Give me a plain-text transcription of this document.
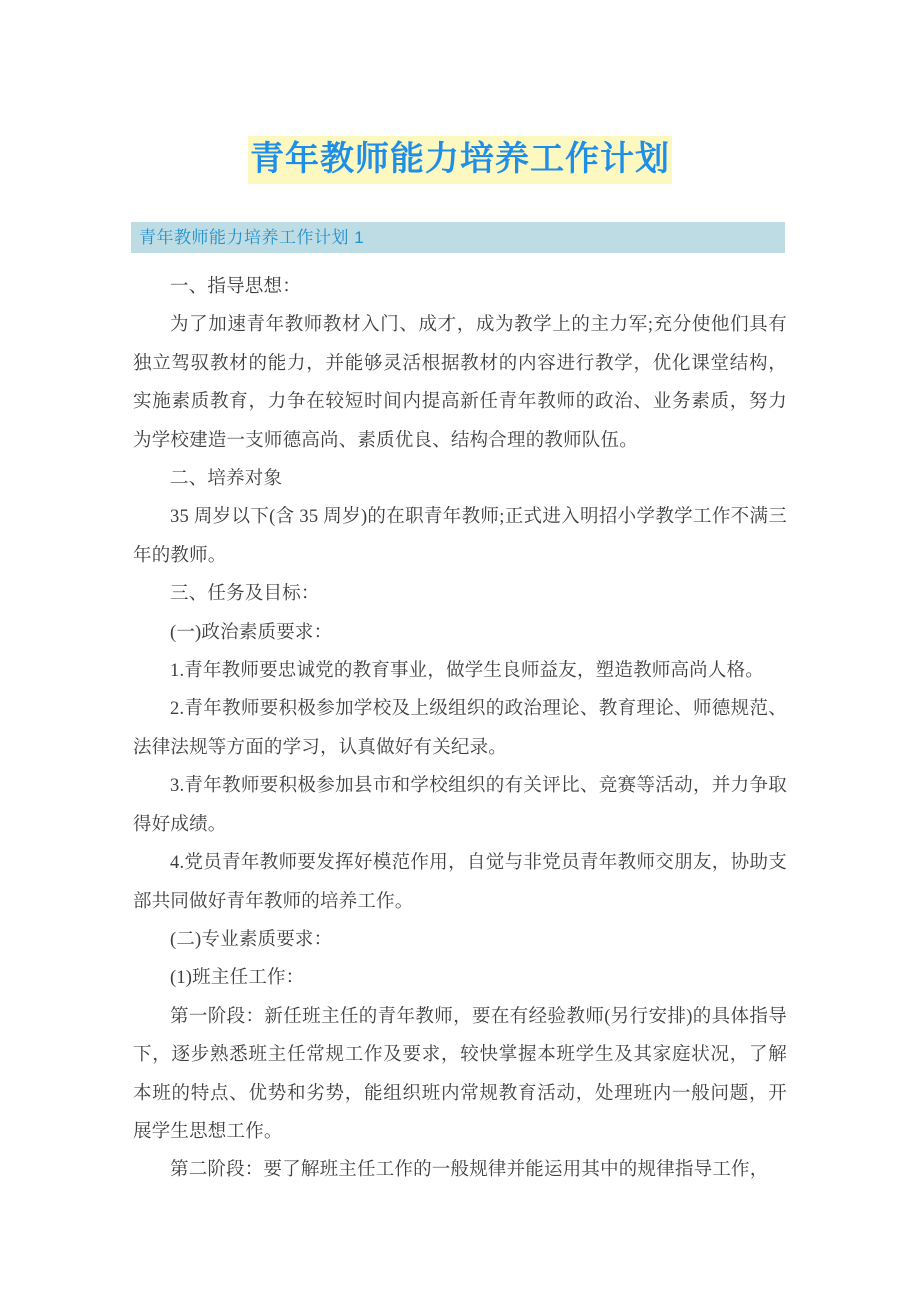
青年教师能力培养工作计划
青年教师能力培养工作计划 1

一、指导思想：

为了加速青年教师教材入门、成才，成为教学上的主力军;充分使他们具有独立驾驭教材的能力，并能够灵活根据教材的内容进行教学，优化课堂结构，实施素质教育，力争在较短时间内提高新任青年教师的政治、业务素质，努力为学校建造一支师德高尚、素质优良、结构合理的教师队伍。

二、培养对象

35 周岁以下(含 35 周岁)的在职青年教师;正式进入明招小学教学工作不满三年的教师。

三、任务及目标：

(一)政治素质要求：

1.青年教师要忠诚党的教育事业，做学生良师益友，塑造教师高尚人格。

2.青年教师要积极参加学校及上级组织的政治理论、教育理论、师德规范、法律法规等方面的学习，认真做好有关纪录。

3.青年教师要积极参加县市和学校组织的有关评比、竞赛等活动，并力争取得好成绩。

4.党员青年教师要发挥好模范作用，自觉与非党员青年教师交朋友，协助支部共同做好青年教师的培养工作。

(二)专业素质要求：

(1)班主任工作：

第一阶段：新任班主任的青年教师，要在有经验教师(另行安排)的具体指导下，逐步熟悉班主任常规工作及要求，较快掌握本班学生及其家庭状况，了解本班的特点、优势和劣势，能组织班内常规教育活动，处理班内一般问题，开展学生思想工作。

第二阶段：要了解班主任工作的一般规律并能运用其中的规律指导工作，
